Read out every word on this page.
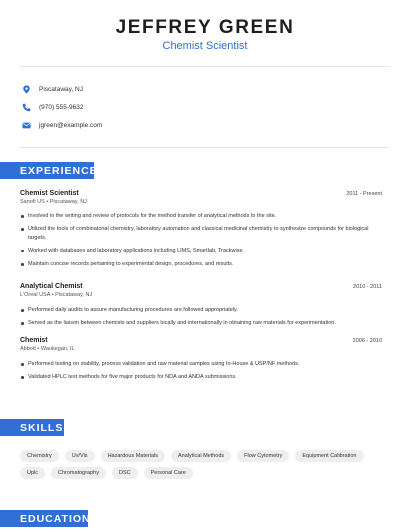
JEFFREY GREEN
Chemist Scientist
Piscataway, NJ
(970) 555-9632
jgreen@example.com
EXPERIENCE
Chemist Scientist	2011 - Present
Sanofi US • Piscataway, NJ
Involved in the writing and review of protocols for the method transfer of analytical methods to the site.
Utilized the tools of combinatorial chemistry, laboratory automation and classical medicinal chemistry to synthesize compounds for biological targets.
Worked with databases and laboratory applications including LIMS, Smartlab, Trackwise.
Maintain concise records pertaining to experimental design, procedures, and results.
Analytical Chemist	2010 - 2011
L'Oreal USA • Piscataway, NJ
Performed daily audits to assure manufacturing procedures are followed appropriately.
Served as the liaison between chemists and suppliers locally and internationally in obtaining raw materials for experimentation.
Chemist	2006 - 2010
Abbott • Waukegan, IL
Performed testing on stability, process validation and raw material samples using In-House & USP/NF methods.
Validated HPLC test methods for five major products for NDA and ANDA submissions.
SKILLS
Chemistry	Uv/Vis	Hazardous Materials	Analytical Methods	Flow Cytometry	Equipment Calibration
Uplc	Chromatography	DSC	Personal Care
EDUCATION
